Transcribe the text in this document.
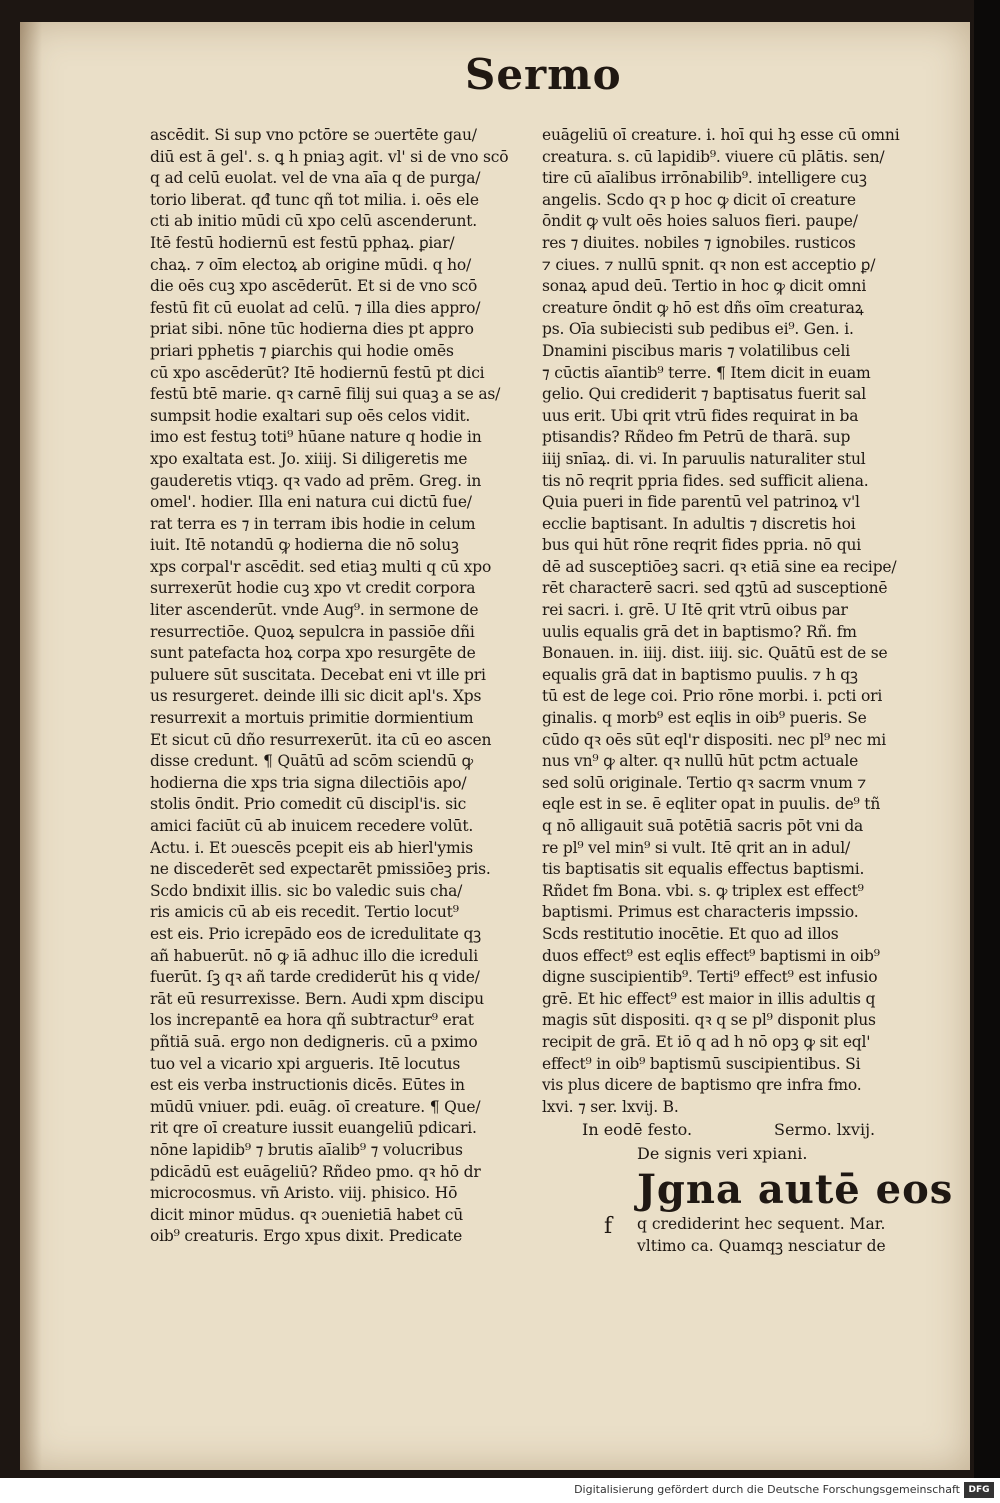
Sermo
ascēdit. Si sup vno pctōre se ɔuertēte gau/
diū est ā gel'. s. ꝗ h pniaꝫ agit. vl' si de vno scō
q ad celū euolat. vel de vna aīa q de purga/
torio liberat. qđ tunc qñ tot milia. i. oēs ele
cti ab initio mūdi cū xpo celū ascenderunt.
Itē festū hodiernū est festū pphaꝝ. ꝑiar/
chaꝝ. ⁊ oīm electoꝝ ab origine mūdi. q ho/
die oēs cuꝫ xpo ascēderūt. Et si de vno scō
festū fit cū euolat ad celū. ⁊ illa dies appro/
priat sibi. nōne tūc hodierna dies pt appro
priari pphetis ⁊ ꝑiarchis qui hodie omēs
cū xpo ascēderūt? Itē hodiernū festū pt dici
festū btē marie. qꝛ carnē filij sui quaꝫ a se as/
sumpsit hodie exaltari sup oēs celos vidit.
imo est festuꝫ toti⁹ hūane nature q hodie in
xpo exaltata est. Jo. xiiij. Si diligeretis me
gauderetis vtiqꝫ. qꝛ vado ad prēm. Greg. in
omel'. hodier. Illa eni natura cui dictū fue/
rat terra es ⁊ in terram ibis hodie in celum
iuit. Itē notandū ꝙ hodierna die nō soluꝫ
xps corpal'r ascēdit. sed etiaꝫ multi q cū xpo
surrexerūt hodie cuꝫ xpo vt credit corpora
liter ascenderūt. vnde Aug⁹. in sermone de
resurrectiōe. Quoꝝ sepulcra in passiōe dñi
sunt patefacta hoꝝ corpa xpo resurgēte de
puluere sūt suscitata. Decebat eni vt ille pri
us resurgeret. deinde illi sic dicit apl's. Xps
resurrexit a mortuis primitie dormientium
Et sicut cū dño resurrexerūt. ita cū eo ascen
disse credunt. ¶ Quātū ad scōm sciendū ꝙ
hodierna die xps tria signa dilectiōis apo/
stolis ōndit. Prio comedit cū discipl'is. sic
amici faciūt cū ab inuicem recedere volūt.
Actu. i. Et ɔuescēs pcepit eis ab hierl'ymis
ne discederēt sed expectarēt pmissiōeꝫ pris.
Scdo bndixit illis. sic bo valedic suis cha/
ris amicis cū ab eis recedit. Tertio locut⁹
est eis. Prio icrepādo eos de icredulitate qꝫ
añ habuerūt. nō ꝙ iā adhuc illo die icreduli
fuerūt. ſꝫ qꝛ añ tarde crediderūt his q vide/
rāt eū resurrexisse. Bern. Audi xpm discipu
los increpantē ea hora qñ subtractur⁹ erat
pñtiā suā. ergo non dedigneris. cū a pximo
tuo vel a vicario xpi argueris. Itē locutus
est eis verba instructionis dicēs. Eūtes in
mūdū vniuer. pdi. euāg. oī creature. ¶ Que/
rit qre oī creature iussit euangeliū pdicari.
nōne lapidib⁹ ⁊ brutis aīalib⁹ ⁊ volucribus
pdicādū est euāgeliū? Rñdeo pmo. qꝛ hō dr
microcosmus. vn̄ Aristo. viij. phisico. Hō
dicit minor mūdus. qꝛ ɔuenietiā habet cū
oib⁹ creaturis. Ergo xpus dixit. Predicate
euāgeliū oī creature. i. hoī qui hꝫ esse cū omni
creatura. s. cū lapidib⁹. viuere cū plātis. sen/
tire cū aīalibus irrōnabilib⁹. intelligere cuꝫ
angelis. Scdo qꝛ p hoc ꝙ dicit oī creature
ōndit ꝙ vult oēs hoies saluos fieri. paupe/
res ⁊ diuites. nobiles ⁊ ignobiles. rusticos
⁊ ciues. ⁊ nullū spnit. qꝛ non est acceptio ꝑ/
sonaꝝ apud deū. Tertio in hoc ꝙ dicit omni
creature ōndit ꝙ hō est dñs oīm creaturaꝝ
ps. Oīa subiecisti sub pedibus ei⁹. Gen. i.
Dnamini piscibus maris ⁊ volatilibus celi
⁊ cūctis aīantib⁹ terre. ¶ Item dicit in euam
gelio. Qui crediderit ⁊ baptisatus fuerit sal
uus erit. Ubi qrit vtrū fides requirat in ba
ptisandis? Rñdeo fm Petrū de tharā. sup
iiij snīaꝝ. di. vi. In paruulis naturaliter stul
tis nō reqrit ppria fides. sed sufficit aliena.
Quia pueri in fide parentū vel patrinoꝝ v'l
ecclie baptisant. In adultis ⁊ discretis hoi
bus qui hūt rōne reqrit fides ppria. nō qui
dē ad susceptiōeꝫ sacri. qꝛ etiā sine ea recipe/
rēt characterē sacri. sed qꝫtū ad susceptionē
rei sacri. i. grē. U Itē qrit vtrū oibus par
uulis equalis grā det in baptismo? Rñ. fm
Bonauen. in. iiij. dist. iiij. sic. Quātū est de se
equalis grā dat in baptismo puulis. ⁊ h qꝫ
tū est de lege coi. Prio rōne morbi. i. pcti ori
ginalis. q morb⁹ est eqlis in oib⁹ pueris. Se
cūdo qꝛ oēs sūt eql'r dispositi. nec pl⁹ nec mi
nus vn⁹ ꝙ alter. qꝛ nullū hūt pctm actuale
sed solū originale. Tertio qꝛ sacrm vnum ⁊
eqle est in se. ē eqliter opat in puulis. de⁹ tñ
q nō alligauit suā potētiā sacris pōt vni da
re pl⁹ vel min⁹ si vult. Itē qrit an in adul/
tis baptisatis sit equalis effectus baptismi.
Rñdet fm Bona. vbi. s. ꝙ triplex est effect⁹
baptismi. Primus est characteris impssio.
Scds restitutio inocētie. Et quo ad illos
duos effect⁹ est eqlis effect⁹ baptismi in oib⁹
digne suscipientib⁹. Terti⁹ effect⁹ est infusio
grē. Et hic effect⁹ est maior in illis adultis q
magis sūt dispositi. qꝛ q se pl⁹ disponit plus
recipit de grā. Et iō q ad h nō opꝫ ꝙ sit eql'
effect⁹ in oib⁹ baptismū suscipientibus. Si
vis plus dicere de baptismo qre infra fmo.
lxvi. ⁊ ser. lxvij. B.
In eodē festo.	Sermo. lxvij.
De signis veri xpiani.
Jgna autē eos
f	q crediderint hec sequent. Mar.
vltimo ca. Quamqꝫ nesciatur de
Digitalisierung gefördert durch die Deutsche Forschungsgemeinschaft DFG
